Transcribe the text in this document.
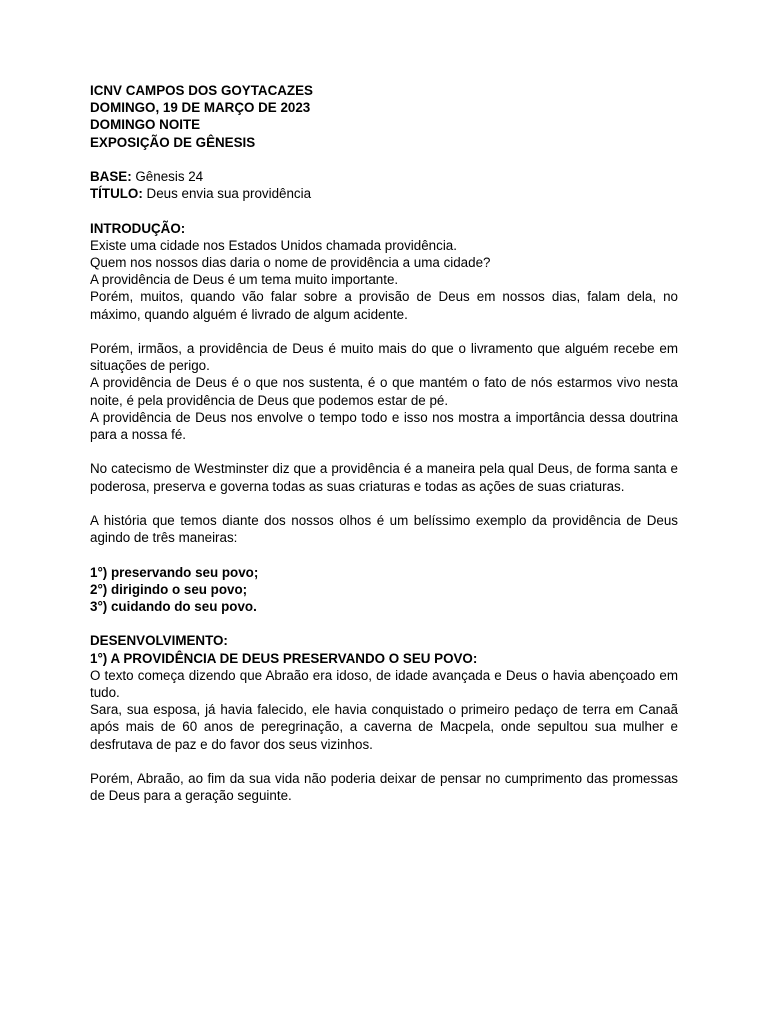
ICNV CAMPOS DOS GOYTACAZES

DOMINGO, 19 DE MARÇO DE 2023

DOMINGO NOITE

EXPOSIÇÃO DE GÊNESIS

BASE: Gênesis 24

TÍTULO: Deus envia sua providência

INTRODUÇÃO:

Existe uma cidade nos Estados Unidos chamada providência.

Quem nos nossos dias daria o nome de providência a uma cidade?

A providência de Deus é um tema muito importante.

Porém, muitos, quando vão falar sobre a provisão de Deus em nossos dias, falam dela, no máximo, quando alguém é livrado de algum acidente.

Porém, irmãos, a providência de Deus é muito mais do que o livramento que alguém recebe em situações de perigo.

A providência de Deus é o que nos sustenta, é o que mantém o fato de nós estarmos vivo nesta noite, é pela providência de Deus que podemos estar de pé.

A providência de Deus nos envolve o tempo todo e isso nos mostra a importância dessa doutrina para a nossa fé.

No catecismo de Westminster diz que a providência é a maneira pela qual Deus, de forma santa e poderosa, preserva e governa todas as suas criaturas e todas as ações de suas criaturas.

A história que temos diante dos nossos olhos é um belíssimo exemplo da providência de Deus agindo de três maneiras:

1°) preservando seu povo;

2°) dirigindo o seu povo;

3°) cuidando do seu povo.

DESENVOLVIMENTO:

1°) A PROVIDÊNCIA DE DEUS PRESERVANDO O SEU POVO:

O texto começa dizendo que Abraão era idoso, de idade avançada e Deus o havia abençoado em tudo.

Sara, sua esposa, já havia falecido, ele havia conquistado o primeiro pedaço de terra em Canaã após mais de 60 anos de peregrinação, a caverna de Macpela, onde sepultou sua mulher e desfrutava de paz e do favor dos seus vizinhos.

Porém, Abraão, ao fim da sua vida não poderia deixar de pensar no cumprimento das promessas de Deus para a geração seguinte.
